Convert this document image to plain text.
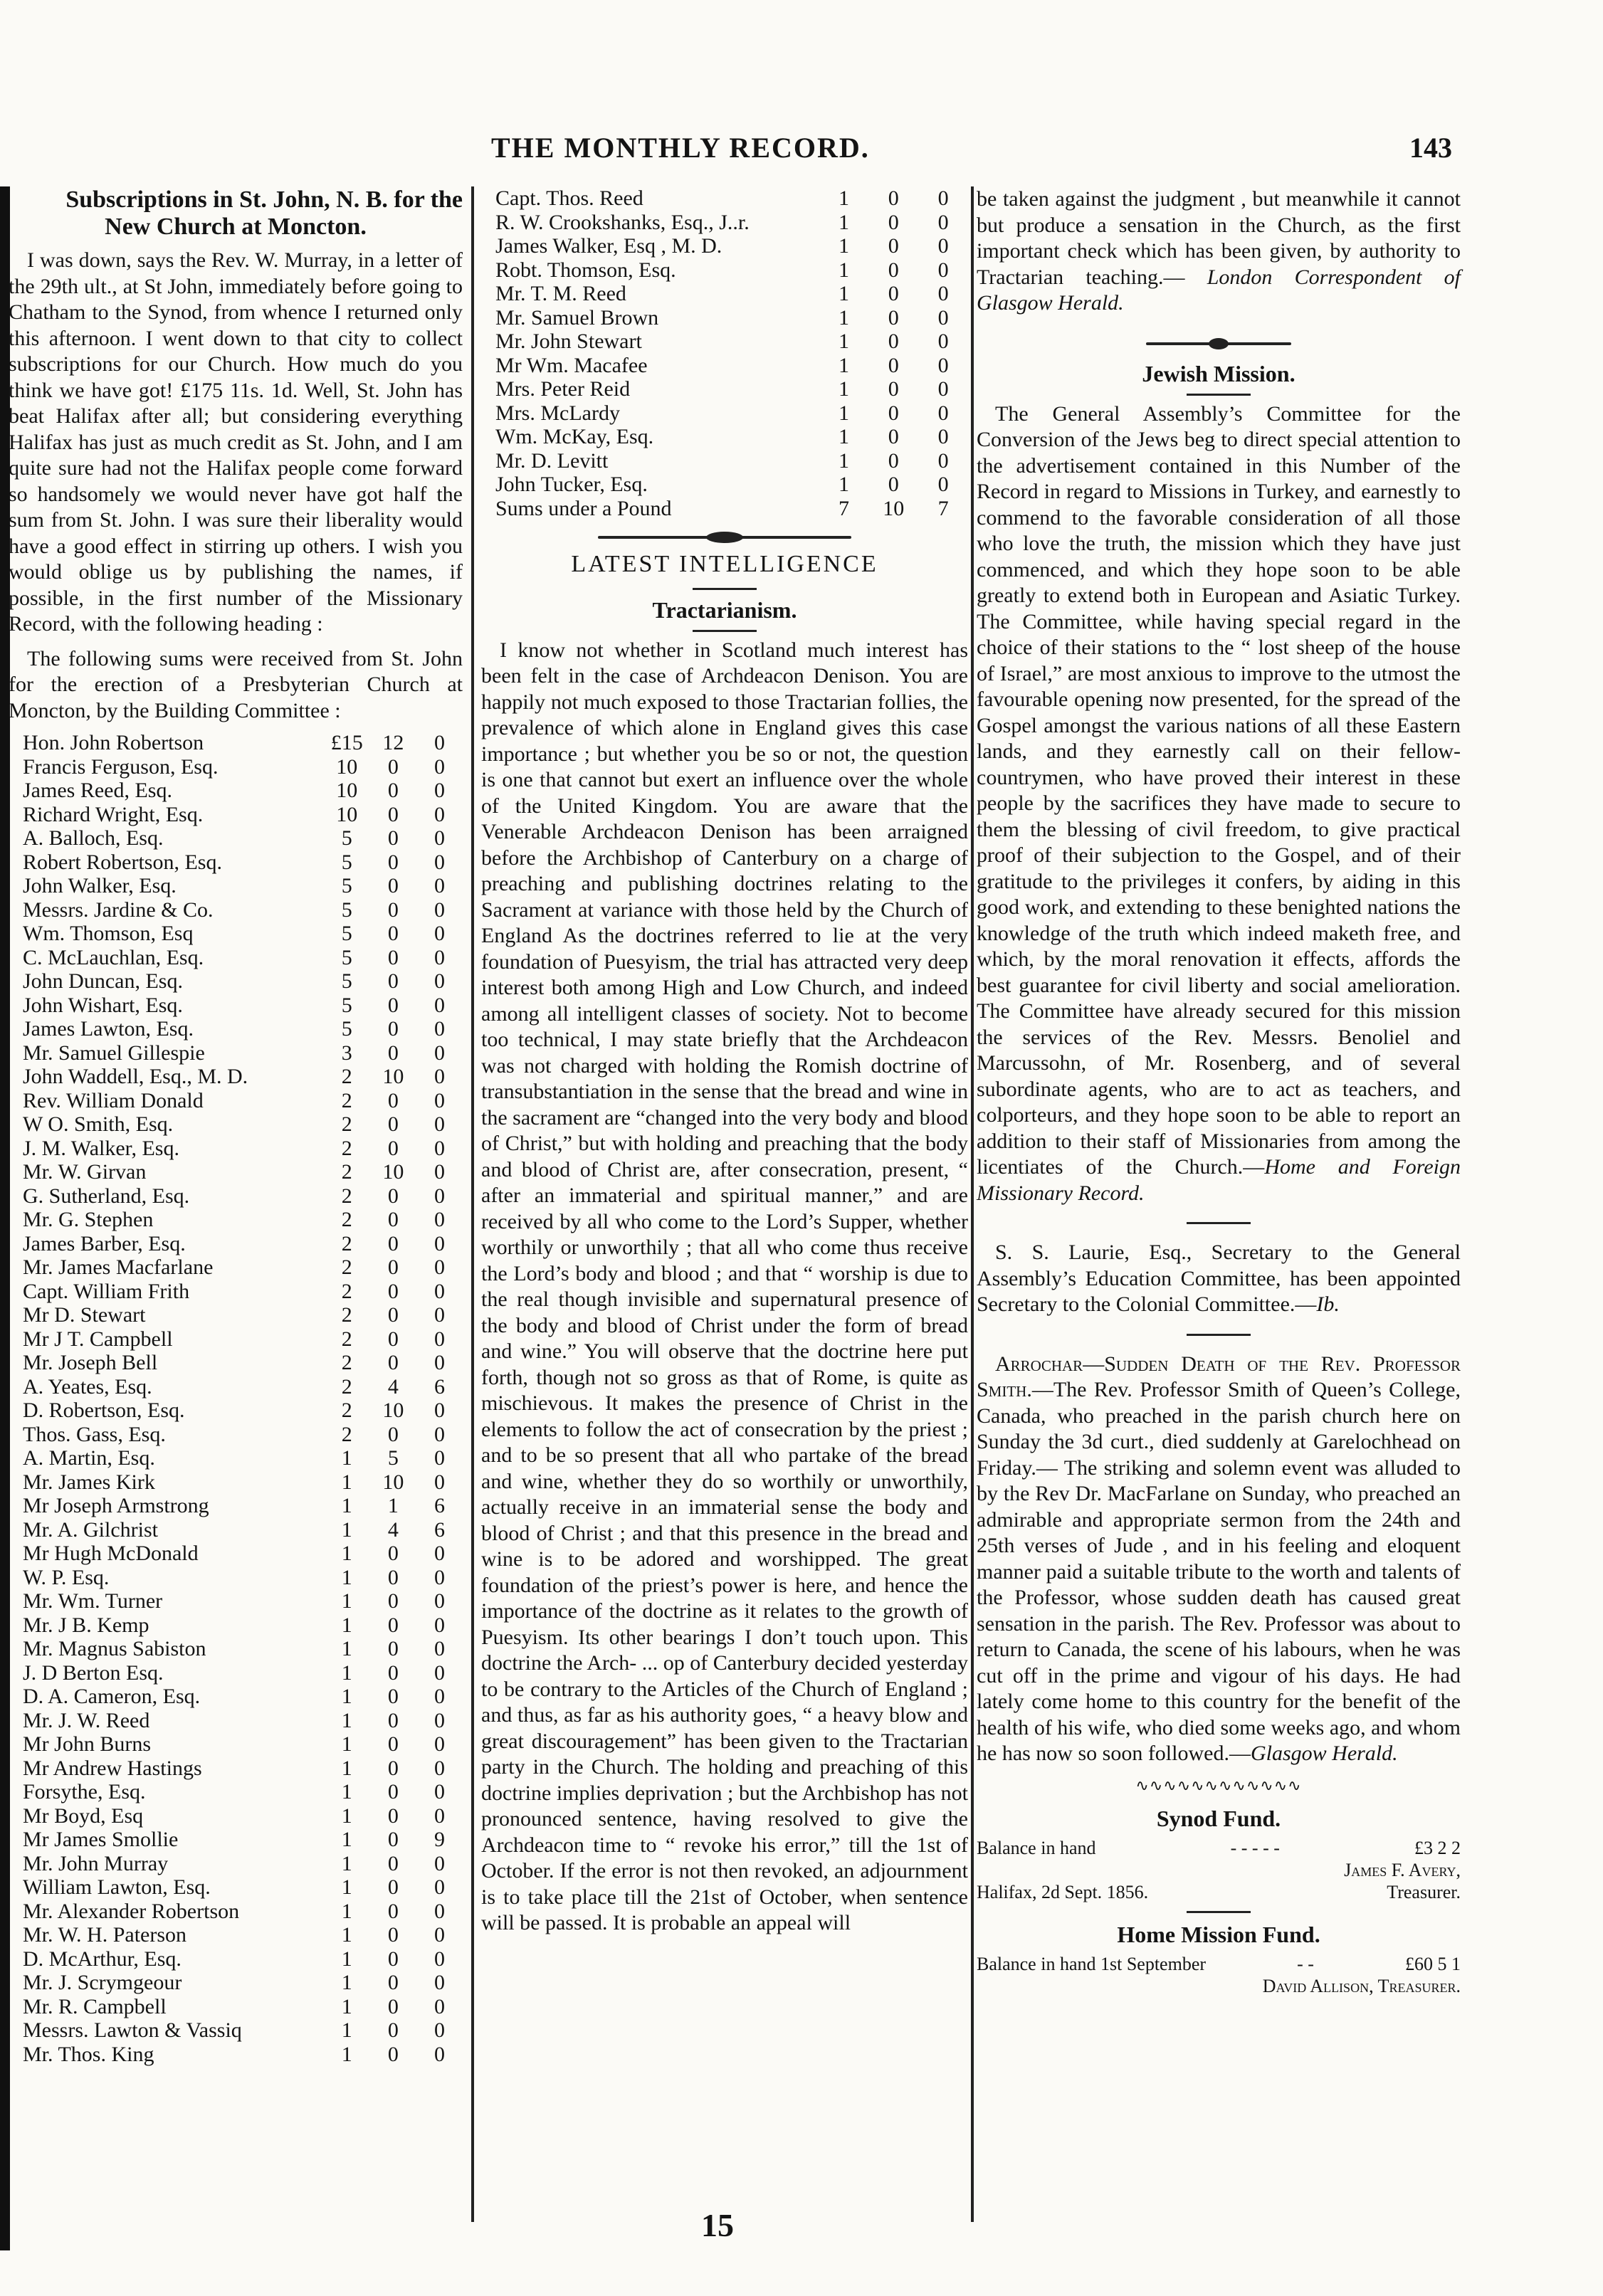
THE MONTHLY RECORD.	143
Subscriptions in St. John, N. B. for the
New Church at Moncton.

I was down, says the Rev. W. Murray, in a letter of the 29th ult., at St John, immediately before going to Chatham to the Synod, from whence I returned only this afternoon. I went down to that city to collect subscriptions for our Church. How much do you think we have got! £175 11s. 1d. Well, St. John has beat Halifax after all; but considering everything Halifax has just as much credit as St. John, and I am quite sure had not the Halifax people come forward so handsomely we would never have got half the sum from St. John. I was sure their liberality would have a good effect in stirring up others. I wish you would oblige us by publishing the names, if possible, in the first number of the Missionary Record, with the following heading :

The following sums were received from St. John for the erection of a Presbyterian Church at Moncton, by the Building Committee :

Hon. John Robertson	£15	12	0
Francis Ferguson, Esq.	10	0	0
James Reed, Esq.	10	0	0
Richard Wright, Esq.	10	0	0
A. Balloch, Esq.	5	0	0
Robert Robertson, Esq.	5	0	0
John Walker, Esq.	5	0	0
Messrs. Jardine & Co.	5	0	0
Wm. Thomson, Esq	5	0	0
C. McLauchlan, Esq.	5	0	0
John Duncan, Esq.	5	0	0
John Wishart, Esq.	5	0	0
James Lawton, Esq.	5	0	0
Mr. Samuel Gillespie	3	0	0
John Waddell, Esq., M. D.	2	10	0
Rev. William Donald	2	0	0
W O. Smith, Esq.	2	0	0
J. M. Walker, Esq.	2	0	0
Mr. W. Girvan	2	10	0
G. Sutherland, Esq.	2	0	0
Mr. G. Stephen	2	0	0
James Barber, Esq.	2	0	0
Mr. James Macfarlane	2	0	0
Capt. William Frith	2	0	0
Mr D. Stewart	2	0	0
Mr J T. Campbell	2	0	0
Mr. Joseph Bell	2	0	0
A. Yeates, Esq.	2	4	6
D. Robertson, Esq.	2	10	0
Thos. Gass, Esq.	2	0	0
A. Martin, Esq.	1	5	0
Mr. James Kirk	1	10	0
Mr Joseph Armstrong	1	1	6
Mr. A. Gilchrist	1	4	6
Mr Hugh McDonald	1	0	0
W. P. Esq.	1	0	0
Mr. Wm. Turner	1	0	0
Mr. J B. Kemp	1	0	0
Mr. Magnus Sabiston	1	0	0
J. D Berton Esq.	1	0	0
D. A. Cameron, Esq.	1	0	0
Mr. J. W. Reed	1	0	0
Mr John Burns	1	0	0
Mr Andrew Hastings	1	0	0
Forsythe, Esq.	1	0	0
Mr Boyd, Esq	1	0	0
Mr James Smollie	1	0	9
Mr. John Murray	1	0	0
William Lawton, Esq.	1	0	0
Mr. Alexander Robertson	1	0	0
Mr. W. H. Paterson	1	0	0
D. McArthur, Esq.	1	0	0
Mr. J. Scrymgeour	1	0	0
Mr. R. Campbell	1	0	0
Messrs. Lawton & Vassiq	1	0	0
Mr. Thos. King	1	0	0
Capt. Thos. Reed	1	0	0
R. W. Crookshanks, Esq., J..r.	1	0	0
James Walker, Esq , M. D.	1	0	0
Robt. Thomson, Esq.	1	0	0
Mr. T. M. Reed	1	0	0
Mr. Samuel Brown	1	0	0
Mr. John Stewart	1	0	0
Mr Wm. Macafee	1	0	0
Mrs. Peter Reid	1	0	0
Mrs. McLardy	1	0	0
Wm. McKay, Esq.	1	0	0
Mr. D. Levitt	1	0	0
John Tucker, Esq.	1	0	0
Sums under a Pound	7	10	7
LATEST INTELLIGENCE
Tractarianism.

I know not whether in Scotland much interest has been felt in the case of Archdeacon Denison. You are happily not much exposed to those Tractarian follies, the prevalence of which alone in England gives this case importance ; but whether you be so or not, the question is one that cannot but exert an influence over the whole of the United Kingdom. You are aware that the Venerable Archdeacon Denison has been arraigned before the Archbishop of Canterbury on a charge of preaching and publishing doctrines relating to the Sacrament at variance with those held by the Church of England As the doctrines referred to lie at the very foundation of Puesyism, the trial has attracted very deep interest both among High and Low Church, and indeed among all intelligent classes of society. Not to become too technical, I may state briefly that the Archdeacon was not charged with holding the Romish doctrine of transubstantiation in the sense that the bread and wine in the sacrament are “changed into the very body and blood of Christ,” but with holding and preaching that the body and blood of Christ are, after consecration, present, “ after an immaterial and spiritual manner,” and are received by all who come to the Lord’s Supper, whether worthily or unworthily ; that all who come thus receive the Lord’s body and blood ; and that “ worship is due to the real though invisible and supernatural presence of the body and blood of Christ under the form of bread and wine.” You will observe that the doctrine here put forth, though not so gross as that of Rome, is quite as mischievous. It makes the presence of Christ in the elements to follow the act of consecration by the priest ; and to be so present that all who partake of the bread and wine, whether they do so worthily or unworthily, actually receive in an immaterial sense the body and blood of Christ ; and that this presence in the bread and wine is to be adored and worshipped. The great foundation of the priest’s power is here, and hence the importance of the doctrine as it relates to the growth of Puesyism. Its other bearings I don’t touch upon. This doctrine the Arch- ... op of Canterbury decided yesterday to be contrary to the Articles of the Church of England ; and thus, as far as his authority goes, “ a heavy blow and great discouragement” has been given to the Tractarian party in the Church. The holding and preaching of this doctrine implies deprivation ; but the Archbishop has not pronounced sentence, having resolved to give the Archdeacon time to “ revoke his error,” till the 1st of October. If the error is not then revoked, an adjournment is to take place till the 21st of October, when sentence will be passed. It is probable an appeal will

be taken against the judgment , but meanwhile it cannot but produce a sensation in the Church, as the first important check which has been given, by authority to Tractarian teaching.— London Correspondent of Glasgow Herald.

Jewish Mission.

The General Assembly’s Committee for the Conversion of the Jews beg to direct special attention to the advertisement contained in this Number of the Record in regard to Missions in Turkey, and earnestly to commend to the favorable consideration of all those who love the truth, the mission which they have just commenced, and which they hope soon to be able greatly to extend both in European and Asiatic Turkey. The Committee, while having special regard in the choice of their stations to the “ lost sheep of the house of Israel,” are most anxious to improve to the utmost the favourable opening now presented, for the spread of the Gospel amongst the various nations of all these Eastern lands, and they earnestly call on their fellow-countrymen, who have proved their interest in these people by the sacrifices they have made to secure to them the blessing of civil freedom, to give practical proof of their subjection to the Gospel, and of their gratitude to the privileges it confers, by aiding in this good work, and extending to these benighted nations the knowledge of the truth which indeed maketh free, and which, by the moral renovation it effects, affords the best guarantee for civil liberty and social amelioration. The Committee have already secured for this mission the services of the Rev. Messrs. Benoliel and Marcussohn, of Mr. Rosenberg, and of several subordinate agents, who are to act as teachers, and colporteurs, and they hope soon to be able to report an addition to their staff of Missionaries from among the licentiates of the Church.—Home and Foreign Missionary Record.

S. S. Laurie, Esq., Secretary to the General Assembly’s Education Committee, has been appointed Secretary to the Colonial Committee.—Ib.

Arrochar—Sudden Death of the Rev. Professor Smith.—The Rev. Professor Smith of Queen’s College, Canada, who preached in the parish church here on Sunday the 3d curt., died suddenly at Garelochhead on Friday.— The striking and solemn event was alluded to by the Rev Dr. MacFarlane on Sunday, who preached an admirable and appropriate sermon from the 24th and 25th verses of Jude , and in his feeling and eloquent manner paid a suitable tribute to the worth and talents of the Professor, whose sudden death has caused great sensation in the parish. The Rev. Professor was about to return to Canada, the scene of his labours, when he was cut off in the prime and vigour of his days. He had lately come home to this country for the benefit of the health of his wife, who died some weeks ago, and whom he has now so soon followed.—Glasgow Herald.

∿∿∿∿∿∿∿∿∿∿∿∿
Synod Fund.
Balance in hand	- - - - -	£3 2 2
James F. Avery,
Halifax, 2d Sept. 1856.	Treasurer.
Home Mission Fund.
Balance in hand 1st September	- -	£60 5 1
David Allison, Treasurer.
15
